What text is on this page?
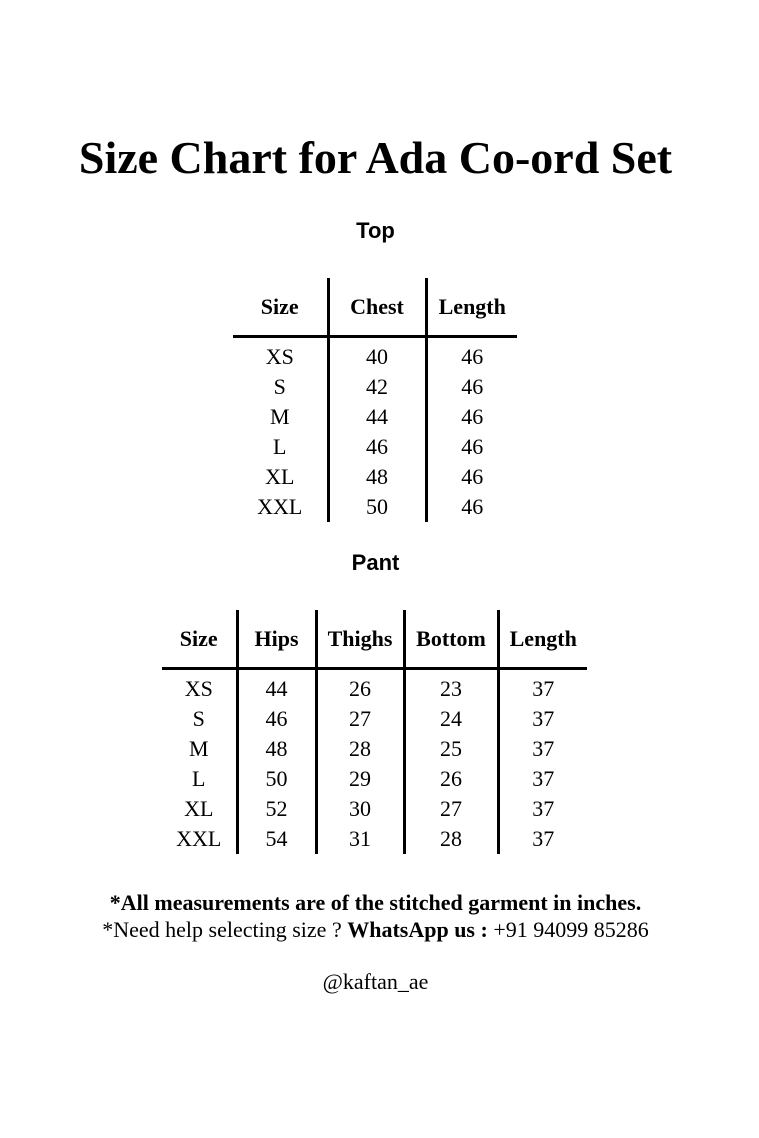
Size Chart for Ada Co-ord Set
Top
Size	Chest	Length
XS	40	46
S	42	46
M	44	46
L	46	46
XL	48	46
XXL	50	46
Pant
Size	Hips	Thighs	Bottom	Length
XS	44	26	23	37
S	46	27	24	37
M	48	28	25	37
L	50	29	26	37
XL	52	30	27	37
XXL	54	31	28	37
*All measurements are of the stitched garment in inches.
*Need help selecting size ? WhatsApp us : +91 94099 85286
@kaftan_ae
